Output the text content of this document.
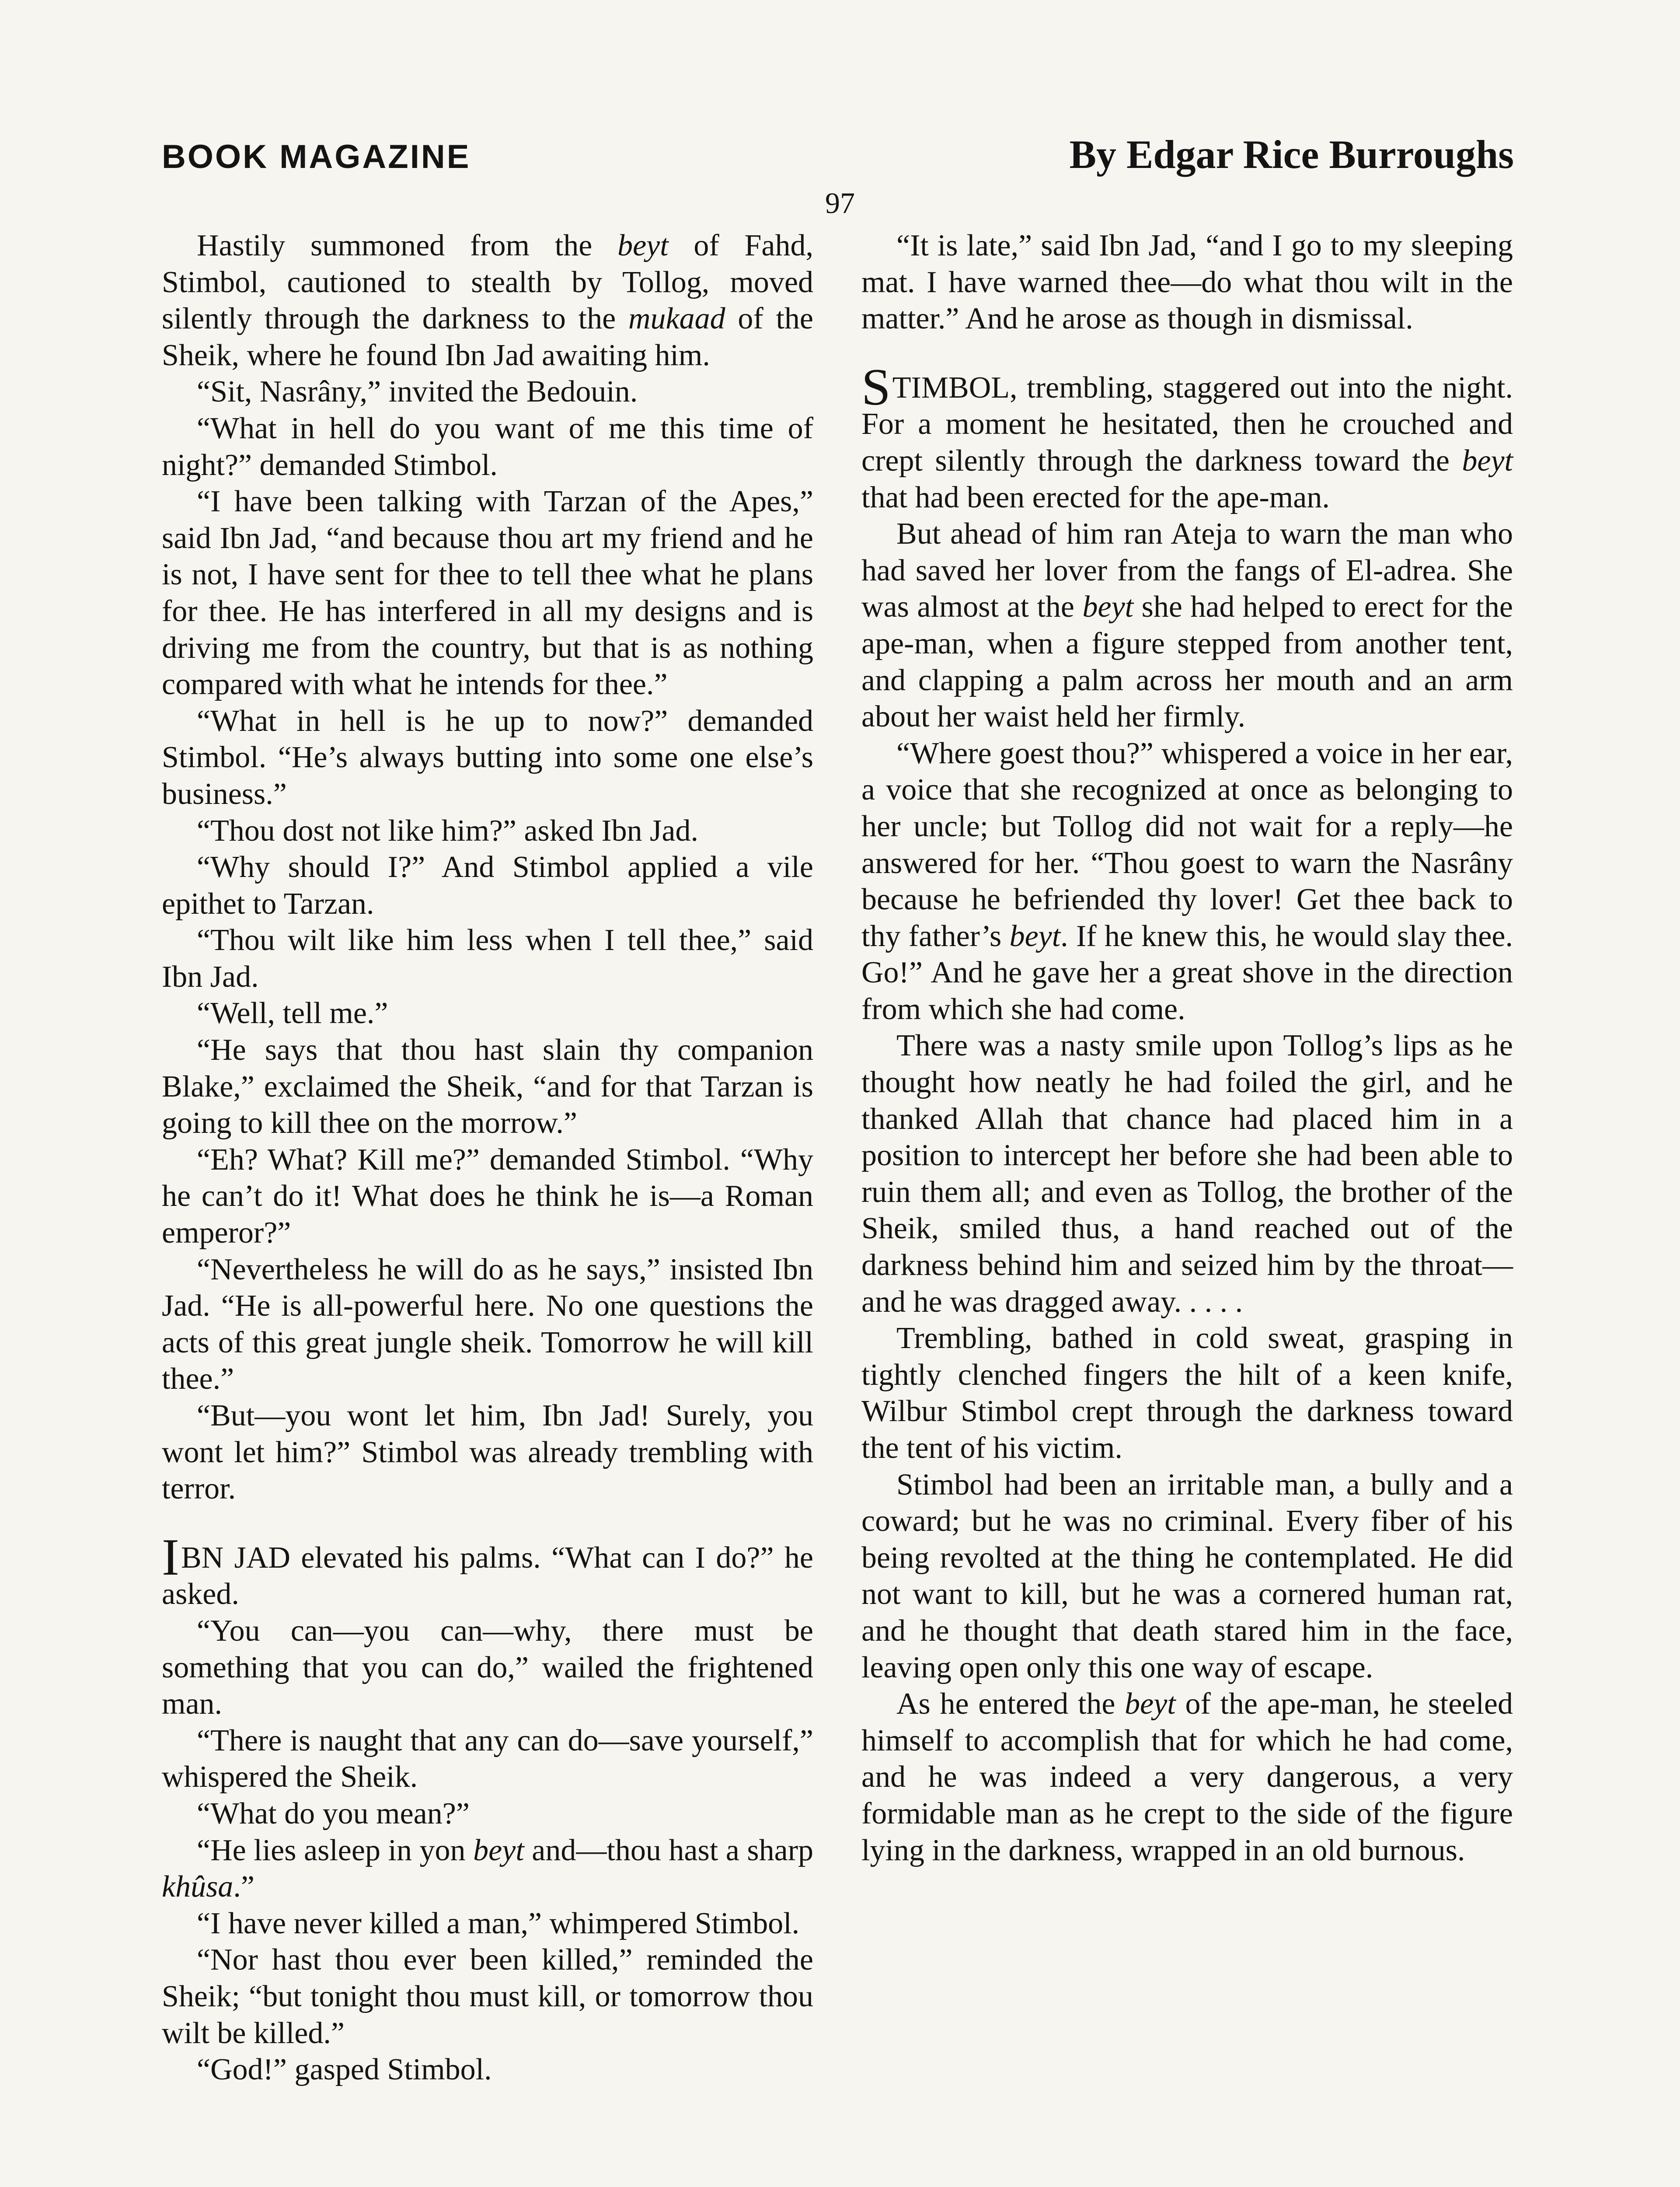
BOOK MAGAZINE	By Edgar Rice Burroughs
97

Hastily summoned from the beyt of Fahd, Stimbol, cautioned to stealth by Tollog, moved silently through the darkness to the mukaad of the Sheik, where he found Ibn Jad awaiting him.

“Sit, Nasrâny,” invited the Bedouin.

“What in hell do you want of me this time of night?” demanded Stimbol.

“I have been talking with Tarzan of the Apes,” said Ibn Jad, “and because thou art my friend and he is not, I have sent for thee to tell thee what he plans for thee. He has interfered in all my designs and is driving me from the country, but that is as nothing compared with what he intends for thee.”

“What in hell is he up to now?” demanded Stimbol. “He’s always butting into some one else’s business.”

“Thou dost not like him?” asked Ibn Jad.

“Why should I?” And Stimbol applied a vile epithet to Tarzan.

“Thou wilt like him less when I tell thee,” said Ibn Jad.

“Well, tell me.”

“He says that thou hast slain thy companion Blake,” exclaimed the Sheik, “and for that Tarzan is going to kill thee on the morrow.”

“Eh? What? Kill me?” demanded Stimbol. “Why he can’t do it! What does he think he is—a Roman emperor?”

“Nevertheless he will do as he says,” insisted Ibn Jad. “He is all-powerful here. No one questions the acts of this great jungle sheik. Tomorrow he will kill thee.”

“But—you wont let him, Ibn Jad! Surely, you wont let him?” Stimbol was already trembling with terror.

IBN JAD elevated his palms. “What can I do?” he asked.

“You can—you can—why, there must be something that you can do,” wailed the frightened man.

“There is naught that any can do—save yourself,” whispered the Sheik.

“What do you mean?”

“He lies asleep in yon beyt and—thou hast a sharp khûsa.”

“I have never killed a man,” whimpered Stimbol.

“Nor hast thou ever been killed,” reminded the Sheik; “but tonight thou must kill, or tomorrow thou wilt be killed.”

“God!” gasped Stimbol.

“It is late,” said Ibn Jad, “and I go to my sleeping mat. I have warned thee—do what thou wilt in the matter.” And he arose as though in dismissal.

STIMBOL, trembling, staggered out into the night. For a moment he hesitated, then he crouched and crept silently through the darkness toward the beyt that had been erected for the ape-man.

But ahead of him ran Ateja to warn the man who had saved her lover from the fangs of El-adrea. She was almost at the beyt she had helped to erect for the ape-man, when a figure stepped from another tent, and clapping a palm across her mouth and an arm about her waist held her firmly.

“Where goest thou?” whispered a voice in her ear, a voice that she recognized at once as belonging to her uncle; but Tollog did not wait for a reply—he answered for her. “Thou goest to warn the Nasrâny because he befriended thy lover! Get thee back to thy father’s beyt. If he knew this, he would slay thee. Go!” And he gave her a great shove in the direction from which she had come.

There was a nasty smile upon Tollog’s lips as he thought how neatly he had foiled the girl, and he thanked Allah that chance had placed him in a position to intercept her before she had been able to ruin them all; and even as Tollog, the brother of the Sheik, smiled thus, a hand reached out of the darkness behind him and seized him by the throat—and he was dragged away. . . . .

Trembling, bathed in cold sweat, grasping in tightly clenched fingers the hilt of a keen knife, Wilbur Stimbol crept through the darkness toward the tent of his victim.

Stimbol had been an irritable man, a bully and a coward; but he was no criminal. Every fiber of his being revolted at the thing he contemplated. He did not want to kill, but he was a cornered human rat, and he thought that death stared him in the face, leaving open only this one way of escape.

As he entered the beyt of the ape-man, he steeled himself to accomplish that for which he had come, and he was indeed a very dangerous, a very formidable man as he crept to the side of the figure lying in the darkness, wrapped in an old burnous.
